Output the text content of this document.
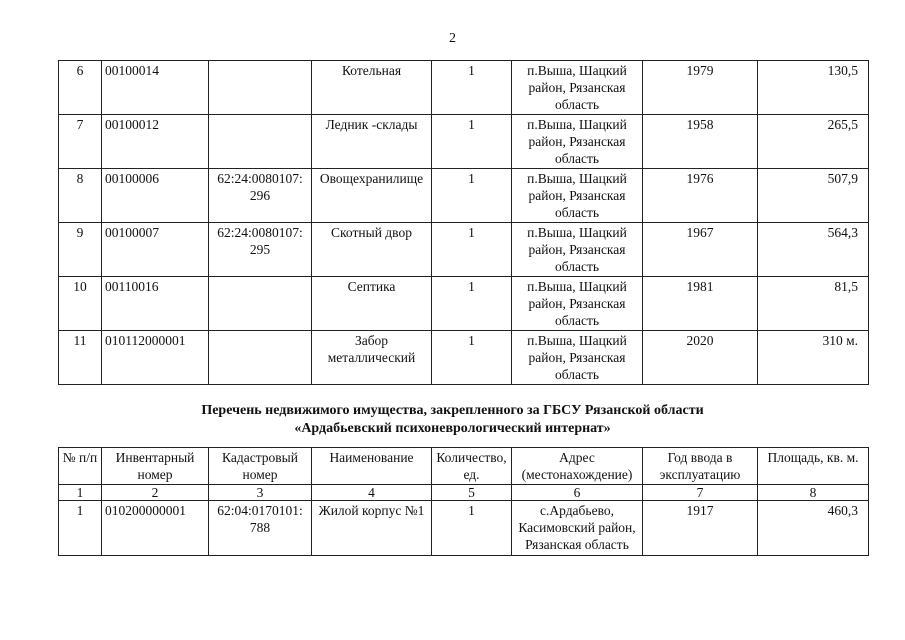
2
6	00100014		Котельная	1	п.Выша, Шацкий район, Рязанская область	1979	130,5
7	00100012		Ледник -склады	1	п.Выша, Шацкий район, Рязанская область	1958	265,5
8	00100006	62:24:0080107: 296	Овощехранилище	1	п.Выша, Шацкий район, Рязанская область	1976	507,9
9	00100007	62:24:0080107: 295	Скотный двор	1	п.Выша, Шацкий район, Рязанская область	1967	564,3
10	00110016		Септика	1	п.Выша, Шацкий район, Рязанская область	1981	81,5
11	010112000001		Забор металлический	1	п.Выша, Шацкий район, Рязанская область	2020	310 м.
Перечень недвижимого имущества, закрепленного за ГБСУ Рязанской области
«Ардабьевский психоневрологический интернат»
№ п/п	Инвентарный номер	Кадастровый номер	Наименование	Количество, ед.	Адрес (местонахождение)	Год ввода в эксплуатацию	Площадь, кв. м.
1	2	3	4	5	6	7	8
1	010200000001	62:04:0170101: 788	Жилой корпус №1	1	с.Ардабьево, Касимовский район, Рязанская область	1917	460,3
